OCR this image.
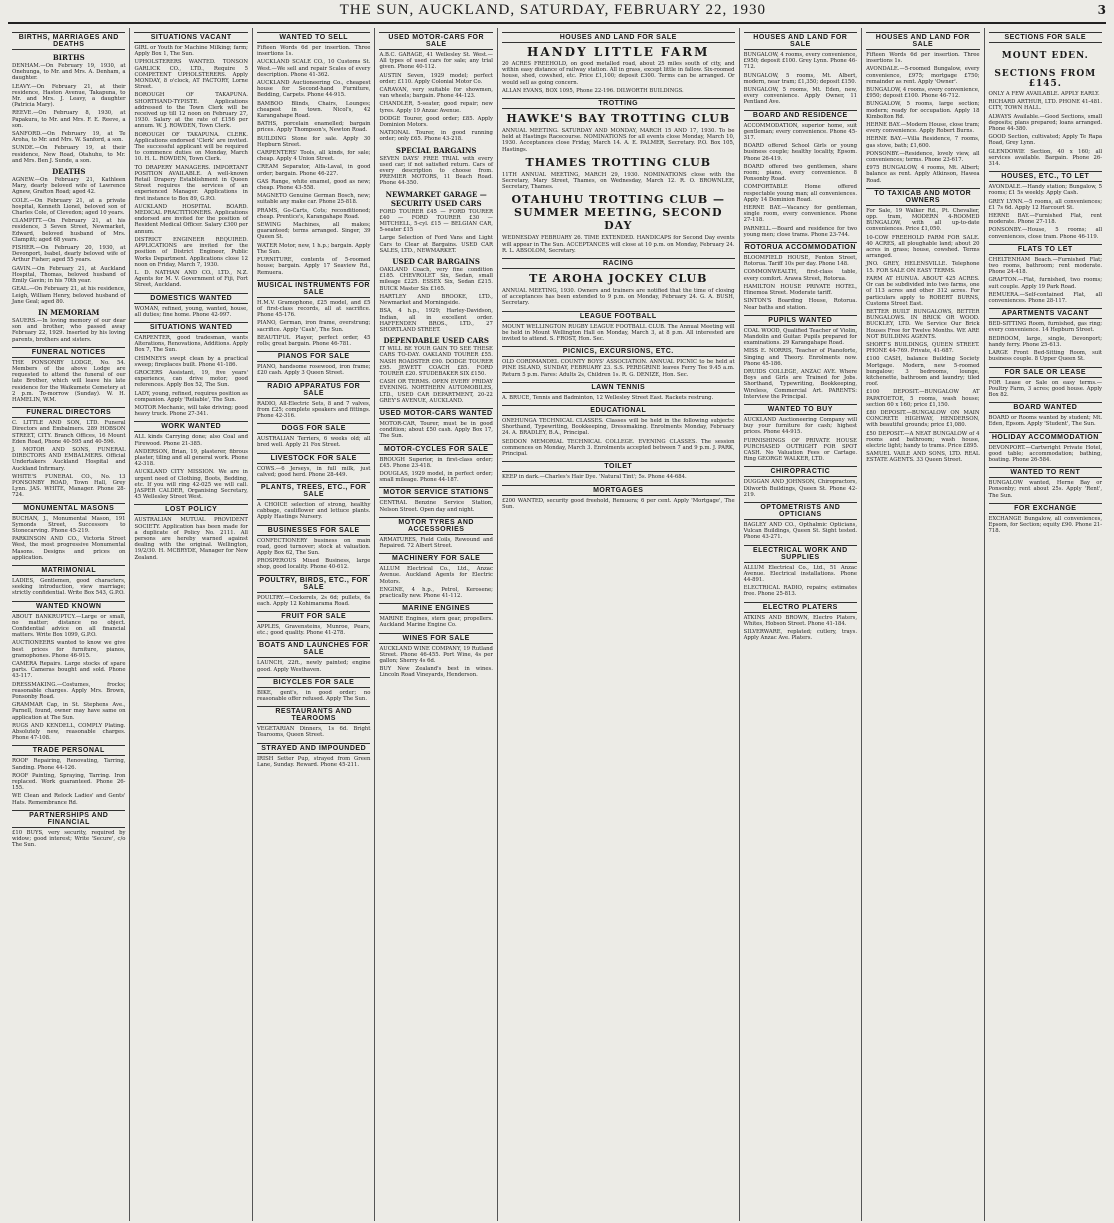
THE SUN, AUCKLAND, SATURDAY, FEBRUARY 22, 1930	3
BIRTHS, MARRIAGES AND DEATHS
BIRTHS
DENHAM.—On February 19, 1930, at Onehunga, to Mr. and Mrs. A. Denham, a daughter.
LEAVY.—On February 21, at their residence, Haston Avenue, Takapuna, to Mr. and Mrs. J. Leavy, a daughter (Patricia Mary).
REEVE.—On February 8, 1930, at Papakura, to Mr. and Mrs. F. E. Reeve, a son.
SANFORD.—On February 19, at Te Aroha, to Mr. and Mrs. W. Sanford, a son.
SUNDE.—On February 19, at their residence, New Road, Otahuhu, to Mr. and Mrs. Ben J. Sunde, a son.
DEATHS
AGNEW.—On February 21, Kathleen Mary, dearly beloved wife of Lawrence Agnew, Grafton Road; aged 42.
COLE.—On February 21, at a private hospital, Kenneth Lionel, beloved son of Charles Cole, of Clevedon; aged 10 years.
CLAMPITT.—On February 21, at his residence, 3 Seven Street, Newmarket, Edward, beloved husband of Mrs. Clampitt; aged 68 years.
FISHER.—On February 20, 1930, at Devonport, Isabel, dearly beloved wife of Arthur Fisher; aged 55 years.
GAVIN.—On February 21, at Auckland Hospital, Thomas, beloved husband of Emily Gavin; in his 70th year.
GEAL.—On February 21, at his residence, Leigh, William Henry, beloved husband of Jane Geal; aged 80.
IN MEMORIAM
SAUERS.—In loving memory of our dear son and brother, who passed away February 22, 1929. Inserted by his loving parents, brothers and sisters.
FUNERAL NOTICES
THE PONSONBY LODGE, No. 54. Members of the above Lodge are requested to attend the funeral of our late Brother, which will leave his late residence for the Waikumete Cemetery at 2 p.m. To-morrow (Sunday). W. H. HAMELIN, W.M.
FUNERAL DIRECTORS
C. LITTLE AND SON, LTD. Funeral Directors and Embalmers. 289 HOBSON STREET, CITY. Branch Offices, 16 Mount Eden Road, Phone 40-595 and 40-596.
J. MOTOR AND SONS, FUNERAL DIRECTORS AND EMBALMERS. Official Undertakers Auckland Hospital and Auckland Infirmary.
WHITE'S FUNERAL CO., No. 13 PONSONBY ROAD, Town Hall, Grey Lynn. JAS. WHITE, Manager. Phone 28-724.
MONUMENTAL MASONS
BUCHAN, J., Monumental Mason, 191 Symonds Street, Successors to Stonecarving. Phone 45-219.
PARKINSON AND CO., Victoria Street West, the most progressive Monumental Masons. Designs and prices on application.
MATRIMONIAL
LADIES, Gentlemen, good characters, seeking introduction, view marriage; strictly confidential. Write Box 543, G.P.O.
WANTED KNOWN
ABOUT BANKRUPTCY.—Large or small, no matter; distance no object. Confidential advice on all financial matters. Write Box 1099, G.P.O.
AUCTIONEERS wanted to know we give best prices for furniture, pianos, gramophones. Phone 46-915.
CAMERA Repairs. Large stocks of spare parts. Cameras bought and sold. Phone 43-117.
DRESSMAKING.—Costumes, frocks; reasonable charges. Apply Mrs. Brown, Ponsonby Road.
GRAMMAR Cap, in St. Stephens Ave., Parnell, found, owner may have same on application at The Sun.
RUGS AND KENDELL, COMPLY Plating. Absolutely new, reasonable charges. Phone 47-108.
TRADE PERSONAL
ROOF Repairing, Renovating, Tarring, Sanding. Phone 44-126.
ROOF Painting, Spraying, Tarring. Iron replaced. Work guaranteed. Phone 26-155.
WE Clean and Relock Ladies' and Gents' Hats. Remembrance Rd.
PARTNERSHIPS AND FINANCIAL
£10 BUYS, very security, required by widow; good interest; Write 'Secure', c/o The Sun.
SITUATIONS VACANT
GIRL or Youth for Machine Milking; farm; Apply Box 1, The Sun.
UPHOLSTERERS WANTED. TONSON GARLICK CO., LTD., Require 5 COMPETENT UPHOLSTERERS. Apply MONDAY, 8 o'clock, AT FACTORY, Lorne Street.
BOROUGH OF TAKAPUNA. SHORTHAND-TYPISTE. Applications addressed to the Town Clerk will be received up till 12 noon on February 27, 1930. Salary at the rate of £156 per annum. W. J. ROWDEN, Town Clerk.
BOROUGH OF TAKAPUNA. CLERK. Applications endorsed 'Clerk' are invited. The successful applicant will be required to commence duties on Monday, March 10. H. L. ROWDEN, Town Clerk.
TO DRAPERY MANAGERS. IMPORTANT POSITION AVAILABLE. A well-known Retail Drapery Establishment in Queen Street requires the services of an experienced Manager. Applications in first instance to Box 89, G.P.O.
AUCKLAND HOSPITAL BOARD. MEDICAL PRACTITIONERS. Applications endorsed are invited for the position of Resident Medical Officer. Salary £300 per annum.
DISTRICT ENGINEER REQUIRED. APPLICATIONS are invited for the position of District Engineer, Public Works Department. Applications close 12 noon on Friday, March 7, 1930.
L. D. NATHAN AND CO., LTD., N.Z. Agents for M. V. Government of Fiji, Fort Street, Auckland.
DOMESTICS WANTED
WOMAN, refined, young, wanted, house, all duties; fine home. Phone 42-997.
SITUATIONS WANTED
CARPENTER, good tradesman, wants Alterations, Renovations, Additions. Apply Box 7, The Sun.
CHIMNEYS swept clean by a practical sweep; fireplaces built. Phone 41-186.
GROCERS Assistant, 19, five years' experience, can drive motor; good references. Apply Box 52, The Sun.
LADY, young, refined, requires position as companion. Apply 'Reliable', The Sun.
MOTOR Mechanic, will take driving; good heavy truck. Phone 27-341.
WORK WANTED
ALL kinds Carrying done; also Coal and Firewood. Phone 21-385.
ANDERSON, Brian, 19, plasterer, fibrous plaster, tiling and all general work. Phone 42-318.
AUCKLAND CITY MISSION. We are in urgent need of Clothing, Boots, Bedding, etc. If you will ring 42-025 we will call. JASPER CALDER, Organising Secretary, 45 Wellesley Street West.
LOST POLICY
AUSTRALIAN MUTUAL PROVIDENT SOCIETY. Application has been made for a duplicate of Policy No. 2111. All persons are hereby warned against dealing with the original. Wellington, 19/2/30. H. MCBRYDE, Manager for New Zealand.
WANTED TO SELL
Fifteen Words 6d per insertion. Three insertions 1s.
AUCKLAND SCALE CO., 10 Customs St. West.—We sell and repair Scales of every description. Phone 41-362.
AUCKLAND Auctioneering Co., cheapest house for Second-hand Furniture, Bedding, Carpets. Phone 44-915.
BAMBOO Blinds, Chairs, Lounges; cheapest in town. Nicol's, 42 Karangahape Road.
BATHS, porcelain enamelled; bargain prices. Apply Thompson's, Newton Road.
BUILDING Stone for sale. Apply 30 Hepburn Street.
CARPENTERS' Tools, all kinds, for sale; cheap. Apply 4 Union Street.
CREAM Separator, Alfa-Laval, in good order; bargain. Phone 46-227.
GAS Range, white enamel, good as new; cheap. Phone 43-558.
MAGNETO Genuine German Bosch, new; suitable any make car. Phone 25-818.
PRAMS, Go-Carts, Cots; reconditioned; cheap. Prentice's, Karangahape Road.
SEWING Machines, all makes; guaranteed; terms arranged. Singer, 39 Queen St.
WATER Motor, new, 1 h.p.; bargain. Apply The Sun.
FURNITURE, contents of 5-roomed house; bargain. Apply 17 Seaview Rd., Remuera.
MUSICAL INSTRUMENTS FOR SALE
H.M.V. Gramophone, £25 model, and £5 of first-class records, all at sacrifice. Phone 45-176.
PIANO, German, iron frame, overstrung; sacrifice. Apply 'Cash', The Sun.
BEAUTIFUL Player, perfect order, 45 rolls; great bargain. Phone 46-781.
PIANOS FOR SALE
PIANO, handsome rosewood, iron frame; £20 cash. Apply 3 Queen Street.
RADIO APPARATUS FOR SALE
RADIO, All-Electric Sets, 8 and 7 valves, from £25; complete speakers and fittings. Phone 42-316.
DOGS FOR SALE
AUSTRALIAN Terriers, 6 weeks old; all bred well. Apply 21 Fox Street.
LIVESTOCK FOR SALE
COWS.—6 Jerseys, in full milk, just calved; good herd. Phone 28-449.
PLANTS, TREES, ETC., FOR SALE
A CHOICE selection of strong, healthy cabbage, cauliflower and lettuce plants. Apply Hastings Nursery.
BUSINESSES FOR SALE
CONFECTIONERY business on main road, good turnover; stock at valuation. Apply Box 62, The Sun.
PROSPEROUS Mixed Business, large shop, good locality. Phone 40-612.
POULTRY, BIRDS, ETC., FOR SALE
POULTRY.—Cockerels, 2s 6d; pullets, 6s each. Apply 12 Kohimarama Road.
FRUIT FOR SALE
APPLES, Gravensteins, Munroe, Pears, etc.; good quality. Phone 41-278.
BOATS AND LAUNCHES FOR SALE
LAUNCH, 22ft., newly painted; engine good. Apply Westhaven.
BICYCLES FOR SALE
BIKE, gent's, in good order; no reasonable offer refused. Apply The Sun.
RESTAURANTS AND TEAROOMS
VEGETARIAN Dinners, 1s 6d. Bright Tearooms, Queen Street.
STRAYED AND IMPOUNDED
IRISH Setter Pup, strayed from Green Lane, Sunday. Reward. Phone 45-211.
USED MOTOR-CARS FOR SALE
A.B.C. GARAGE, 41 Wellesley St. West.—All types of used cars for sale; any trial given. Phone 40-112.
AUSTIN Seven, 1929 model; perfect order; £110. Apply Colonial Motor Co.
CARAVAN, very suitable for showmen, van wheels; bargain. Phone 44-123.
CHANDLER, 5-seater, good repair; new tyres. Apply 19 Anzac Avenue.
DODGE Tourer, good order; £85. Apply Dominion Motors.
NATIONAL Tourer, in good running order; only £65. Phone 43-218.
SPECIAL BARGAINS
SEVEN DAYS' FREE TRIAL with every used car; if not satisfied return. Cars of every description to choose from. PREMIER MOTORS, 11 Beach Road. Phone 44-350.
NEWMARKET GARAGE — SECURITY USED CARS
FORD TOURER £45 — FORD TOURER £40 — FORD TOURER £30 — MITCHELL, 5-cyl. £15 — BELGIAN CAR, 5-seater £15
Large Selection of Ford Vans and Light Cars to Clear at Bargains. USED CAR SALES, LTD., NEWMARKET.
USED CAR BARGAINS
OAKLAND Coach, very fine condition £185. CHEVROLET Six, Sedan, small mileage £225. ESSEX Six, Sedan £215. BUICK Master Six £165.
HARTLEY AND BROOKE, LTD., Newmarket and Morningside.
BSA, 4 h.p., 1929; Harley-Davidson, Indian, all in excellent order. HAFFENDEN BROS., LTD., 27 SHORTLAND STREET.
DEPENDABLE USED CARS
IT WILL BE YOUR GAIN TO SEE THESE CARS TO-DAY. OAKLAND TOURER £55. NASH ROADSTER £90. DODGE TOURER £95. JEWETT COACH £85. FORD TOURER £20. STUDEBAKER SIX £150.
CASH OR TERMS. OPEN EVERY FRIDAY EVENING. NORTHERN AUTOMOBILES, LTD., USED CAR DEPARTMENT, 20-22 GREY'S AVENUE, AUCKLAND.
USED MOTOR-CARS WANTED
MOTOR-CAR, Tourer, must be in good condition; about £50 cash. Apply Box 17, The Sun.
MOTOR-CYCLES FOR SALE
BROUGH Superior, in first-class order; £45. Phone 23-418.
DOUGLAS, 1929 model, in perfect order; small mileage. Phone 44-187.
MOTOR SERVICE STATIONS
CENTRAL Benzine Service Station, Nelson Street. Open day and night.
MOTOR TYRES AND ACCESSORIES
ARMATURES, Field Coils, Rewound and Repaired. 72 Albert Street.
MACHINERY FOR SALE
ALLUM Electrical Co., Ltd., Anzac Avenue. Auckland Agents for Electric Motors.
ENGINE, 4 h.p., Petrol, Kerosene; practically new. Phone 41-112.
MARINE ENGINES
MARINE Engines, stern gear, propellers. Auckland Marine Engine Co.
WINES FOR SALE
AUCKLAND WINE COMPANY, 19 Rutland Street. Phone 46-455. Port Wine, 4s per gallon; Sherry 4s 6d.
BUY New Zealand's best in wines. Lincoln Road Vineyards, Henderson.
HOUSES AND LAND FOR SALE
HANDY LITTLE FARM
20 ACRES FREEHOLD, on good metalled road, about 25 miles south of city, and within easy distance of railway station. All in grass, except little in fallow. Six-roomed house, shed, cowshed, etc. Price £1,100; deposit £300. Terms can be arranged. Or would sell as going concern.
ALLAN EVANS, BOX 1095, Phone 22-196. DILWORTH BUILDINGS.
TROTTING
HAWKE'S BAY TROTTING CLUB
ANNUAL MEETING. SATURDAY AND MONDAY, MARCH 15 AND 17, 1930. To be held at Hastings Racecourse. NOMINATIONS for all events close Monday, March 10, 1930. Acceptances close Friday, March 14. A. E. PALMER, Secretary. P.O. Box 105, Hastings.
THAMES TROTTING CLUB
11TH ANNUAL MEETING, MARCH 29, 1930. NOMINATIONS close with the Secretary, Mary Street, Thames, on Wednesday, March 12. R. O. BROWNLEE, Secretary, Thames.
OTAHUHU TROTTING CLUB — SUMMER MEETING, SECOND DAY
WEDNESDAY FEBRUARY 26. TIME EXTENDED. HANDICAPS for Second Day events will appear in The Sun. ACCEPTANCES will close at 10 p.m. on Monday, February 24. R. L. ABSOLOM, Secretary.
RACING
TE AROHA JOCKEY CLUB
ANNUAL MEETING, 1930. Owners and trainers are notified that the time of closing of acceptances has been extended to 9 p.m. on Monday, February 24. G. A. BUSH, Secretary.
LEAGUE FOOTBALL
MOUNT WELLINGTON RUGBY LEAGUE FOOTBALL CLUB. The Annual Meeting will be held in Mount Wellington Hall on Monday, March 3, at 8 p.m. All interested are invited to attend. S. FROST, Hon. Sec.
PICNICS, EXCURSIONS, ETC.
OLD CORDMANDEL COUNTY BOYS' ASSOCIATION. ANNUAL PICNIC to be held at PINE ISLAND, SUNDAY, FEBRUARY 23. S.S. PEREGRINE leaves Ferry Tee 9.45 a.m. Return 5 p.m. Fares: Adults 2s, Children 1s. R. G. DENIZE, Hon. Sec.
LAWN TENNIS
A. BRUCE, Tennis and Badminton, 12 Wellesley Street East. Rackets restrung.
EDUCATIONAL
ONEHUNGA TECHNICAL CLASSES. Classes will be held in the following subjects: Shorthand, Typewriting, Bookkeeping, Dressmaking. Enrolments Monday, February 24. A. BRADLEY, B.A., Principal.
SEDDON MEMORIAL TECHNICAL COLLEGE. EVENING CLASSES. The session commences on Monday, March 3. Enrolments accepted between 7 and 9 p.m. J. PARK, Principal.
TOILET
KEEP in dark.—Charles's Hair Dye. 'Natural Tint'; 5s. Phone 44-684.
MORTGAGES
£200 WANTED, security good freehold, Remuera; 6 per cent. Apply 'Mortgage', The Sun.
HOUSES AND LAND FOR SALE
BUNGALOW, 4 rooms, every convenience, £950; deposit £100. Grey Lynn. Phone 46-712.
BUNGALOW, 5 rooms, Mt. Albert, modern, near tram; £1,350; deposit £150.
BUNGALOW, 5 rooms, Mt. Eden, new, every convenience. Apply Owner, 11 Pentland Ave.
BOARD AND RESIDENCE
ACCOMMODATION, superior home, suit gentleman; every convenience. Phone 45-317.
BOARD offered School Girls or young business couple; healthy locality, Epsom. Phone 26-419.
BOARD offered two gentlemen, share room; piano, every convenience. 8 Ponsonby Road.
COMFORTABLE Home offered respectable young man; all conveniences. Apply 14 Dominion Road.
HERNE BAY.—Vacancy for gentleman, single room, every convenience. Phone 27-118.
PARNELL.—Board and residence for two young men; close trams. Phone 23-744.
ROTORUA ACCOMMODATION
BLOOMFIELD HOUSE, Fenton Street, Rotorua. Tariff 10s per day. Phone 148.
COMMONWEALTH, first-class table, every comfort. Arawa Street, Rotorua.
HAMILTON HOUSE PRIVATE HOTEL, Hinemoa Street. Moderate tariff.
SINTON'S Boarding House, Rotorua. Near baths and station.
PUPILS WANTED
COAL WOOD, Qualified Teacher of Violin, Mandolin and Guitar. Pupils prepared for examinations. 29 Karangahape Road.
MISS E. NORRIS, Teacher of Pianoforte, Singing and Theory. Enrolments now. Phone 45-186.
DRUIDS COLLEGE, ANZAC AVE. Where Boys and Girls are Trained for Jobs. Shorthand, Typewriting, Bookkeeping, Wireless, Commercial Art. PARENTS: Interview the Principal.
WANTED TO BUY
AUCKLAND Auctioneering Company will buy your furniture for cash; highest prices. Phone 44-915.
FURNISHINGS OF PRIVATE HOUSE PURCHASED OUTRIGHT FOR SPOT CASH. No Valuation Fees or Cartage. Ring GEORGE WALKER, LTD.
CHIROPRACTIC
DUGGAN AND JOHNSON, Chiropractors, Dilworth Buildings, Queen St. Phone 42-219.
OPTOMETRISTS AND OPTICIANS
BAGLEY AND CO., Opthalmic Opticians, Vulcan Buildings, Queen St. Sight tested. Phone 43-271.
ELECTRICAL WORK AND SUPPLIES
ALLUM Electrical Co., Ltd., 51 Anzac Avenue. Electrical installations. Phone 44-891.
ELECTRICAL RADIO, repairs; estimates free. Phone 25-813.
ELECTRO PLATERS
ATKINS AND BROWN, Electro Platers, Whites, Hobson Street. Phone 41-184.
SILVERWARE, replated; cutlery, trays. Apply Anzac Ave. Platers.
HOUSES AND LAND FOR SALE
Fifteen Words 6d per insertion. Three insertions 1s.
AVONDALE.—5-roomed Bungalow, every convenience, £975; mortgage £750; remainder as rent. Apply 'Owner'.
BUNGALOW, 4 rooms, every convenience, £950; deposit £100. Phone 46-712.
BUNGALOW, 5 rooms, large section; modern; ready for occupation. Apply 18 Kimbolton Rd.
HERNE BAY.—Modern House, close tram; every convenience. Apply Robert Burns.
HERNE BAY.—Villa Residence, 7 rooms, gas stove, bath; £1,600.
PONSONBY.—Residence, lovely view, all conveniences; terms. Phone 23-617.
£975 BUNGALOW, 4 rooms, Mt. Albert; balance as rent. Apply Atkinson, Hawea Road.
TO TAXICAB AND MOTOR OWNERS
For Sale, 19 Walker Rd., Pt. Chevalier, opp. tram, MODERN 4-ROOMED BUNGALOW, with all up-to-date conveniences. Price £1,050.
10-COW FREEHOLD FARM FOR SALE. 40 ACRES, all ploughable land; about 20 acres in grass; house, cowshed. Terms arranged.
JNO. GREY, HELENSVILLE. Telephone 15. FOR SALE ON EASY TERMS.
FARM AT HUNUA. ABOUT 425 ACRES. Or can be subdivided into two farms, one of 113 acres and other 312 acres. For particulars apply to ROBERT BURNS, Customs Street East.
BETTER BUILT BUNGALOWS, BETTER BUNGALOWS. IN BRICK OR WOOD. BUCKLEY, LTD. We Service Our Brick Houses Free for Twelve Months. WE ARE NOT BUILDING AGENTS.
SHORT'S BUILDINGS, QUEEN STREET. PHONE 44-769. Private, 41-687.
£100 CASH, balance Building Society Mortgage. Modern, new 5-roomed bungalow; 3 bedrooms, lounge, kitchenette, bathroom and laundry; tiled roof.
£100 DEPOSIT.—BUNGALOW AT PAPATOETOE, 5 rooms, wash house; section 60 x 160; price £1,150.
£80 DEPOSIT.—BUNGALOW ON MAIN CONCRETE HIGHWAY, HENDERSON, with beautiful grounds; price £1,080.
£50 DEPOSIT.—A NEAT BUNGALOW of 4 rooms and bathroom; wash house, electric light; handy to trams. Price £895.
SAMUEL VAILE AND SONS, LTD. REAL ESTATE AGENTS. 33 Queen Street.
SECTIONS FOR SALE
MOUNT EDEN.
SECTIONS FROM £145.
ONLY A FEW AVAILABLE. APPLY EARLY.
RICHARD ARTHUR, LTD. PHONE 41-481. CITY, TOWN HALL.
ALWAYS Available.—Good Sections, small deposits; plans prepared; loans arranged. Phone 44-380.
GOOD Section, cultivated; Apply Te Rapa Road, Grey Lynn.
GLENDOWIE Section, 40 x 160; all services available. Bargain. Phone 26-314.
HOUSES, ETC., TO LET
AVONDALE.—Handy station; Bungalow, 5 rooms; £1 5s weekly. Apply Cash.
GREY LYNN.—5 rooms, all conveniences; £1 7s 6d. Apply 12 Harcourt St.
HERNE BAY.—Furnished Flat, rent moderate. Phone 27-118.
PONSONBY.—House, 5 rooms; all conveniences, close tram. Phone 46-119.
FLATS TO LET
CHELTENHAM Beach.—Furnished Flat; two rooms, bathroom; rent moderate. Phone 24-418.
GRAFTON.—Flat, furnished, two rooms; suit couple. Apply 19 Park Road.
REMUERA.—Self-contained Flat, all conveniences. Phone 28-117.
APARTMENTS VACANT
BED-SITTING Room, furnished, gas ring; every convenience. 14 Hepburn Street.
BEDROOM, large, single, Devonport; handy ferry. Phone 25-613.
LARGE Front Bed-Sitting Room, suit business couple. 8 Upper Queen St.
FOR SALE OR LEASE
FOR Lease or Sale on easy terms.—Poultry Farm, 3 acres; good house. Apply Box 82.
BOARD WANTED
BOARD or Rooms wanted by student; Mt. Eden, Epsom. Apply 'Student', The Sun.
HOLIDAY ACCOMMODATION
DEVONPORT.—Cartwright Private Hotel, good table; accommodation; bathing, boating. Phone 26-584.
WANTED TO RENT
BUNGALOW wanted, Herne Bay or Ponsonby; rent about 25s. Apply 'Rent', The Sun.
FOR EXCHANGE
EXCHANGE Bungalow, all conveniences, Epsom, for Section; equity £90. Phone 21-718.
